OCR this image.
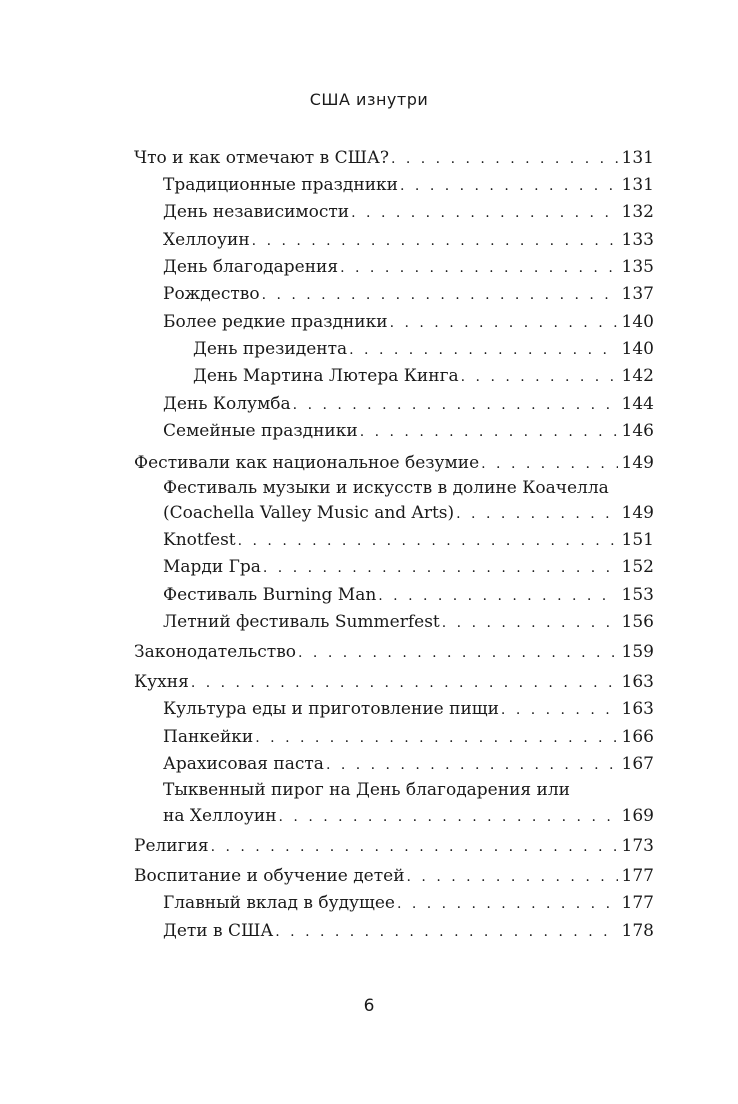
США изнутри
Что и как отмечают в США? . . .	131
Традиционные праздники . . .	131
День независимости . . .	132
Хеллоуин . . .	133
День благодарения . . .	135
Рождество . . .	137
Более редкие праздники . . .	140
День президента . . .	140
День Мартина Лютера Кинга . . .	142
День Колумба . . .	144
Семейные праздники . . .	146
Фестивали как национальное безумие . . .	149
Фестиваль музыки и искусств в долине Коачелла
(Coachella Valley Music and Arts) . . .	149
Knotfest . . .	151
Марди Гра . . .	152
Фестиваль Burning Man . . .	153
Летний фестиваль Summerfest . . .	156
Законодательство . . .	159
Кухня . . .	163
Культура еды и приготовление пищи . . .	163
Панкейки . . .	166
Арахисовая паста . . .	167
Тыквенный пирог на День благодарения или
на Хеллоуин . . .	169
Религия . . .	173
Воспитание и обучение детей . . .	177
Главный вклад в будущее . . .	177
Дети в США . . .	178
6
